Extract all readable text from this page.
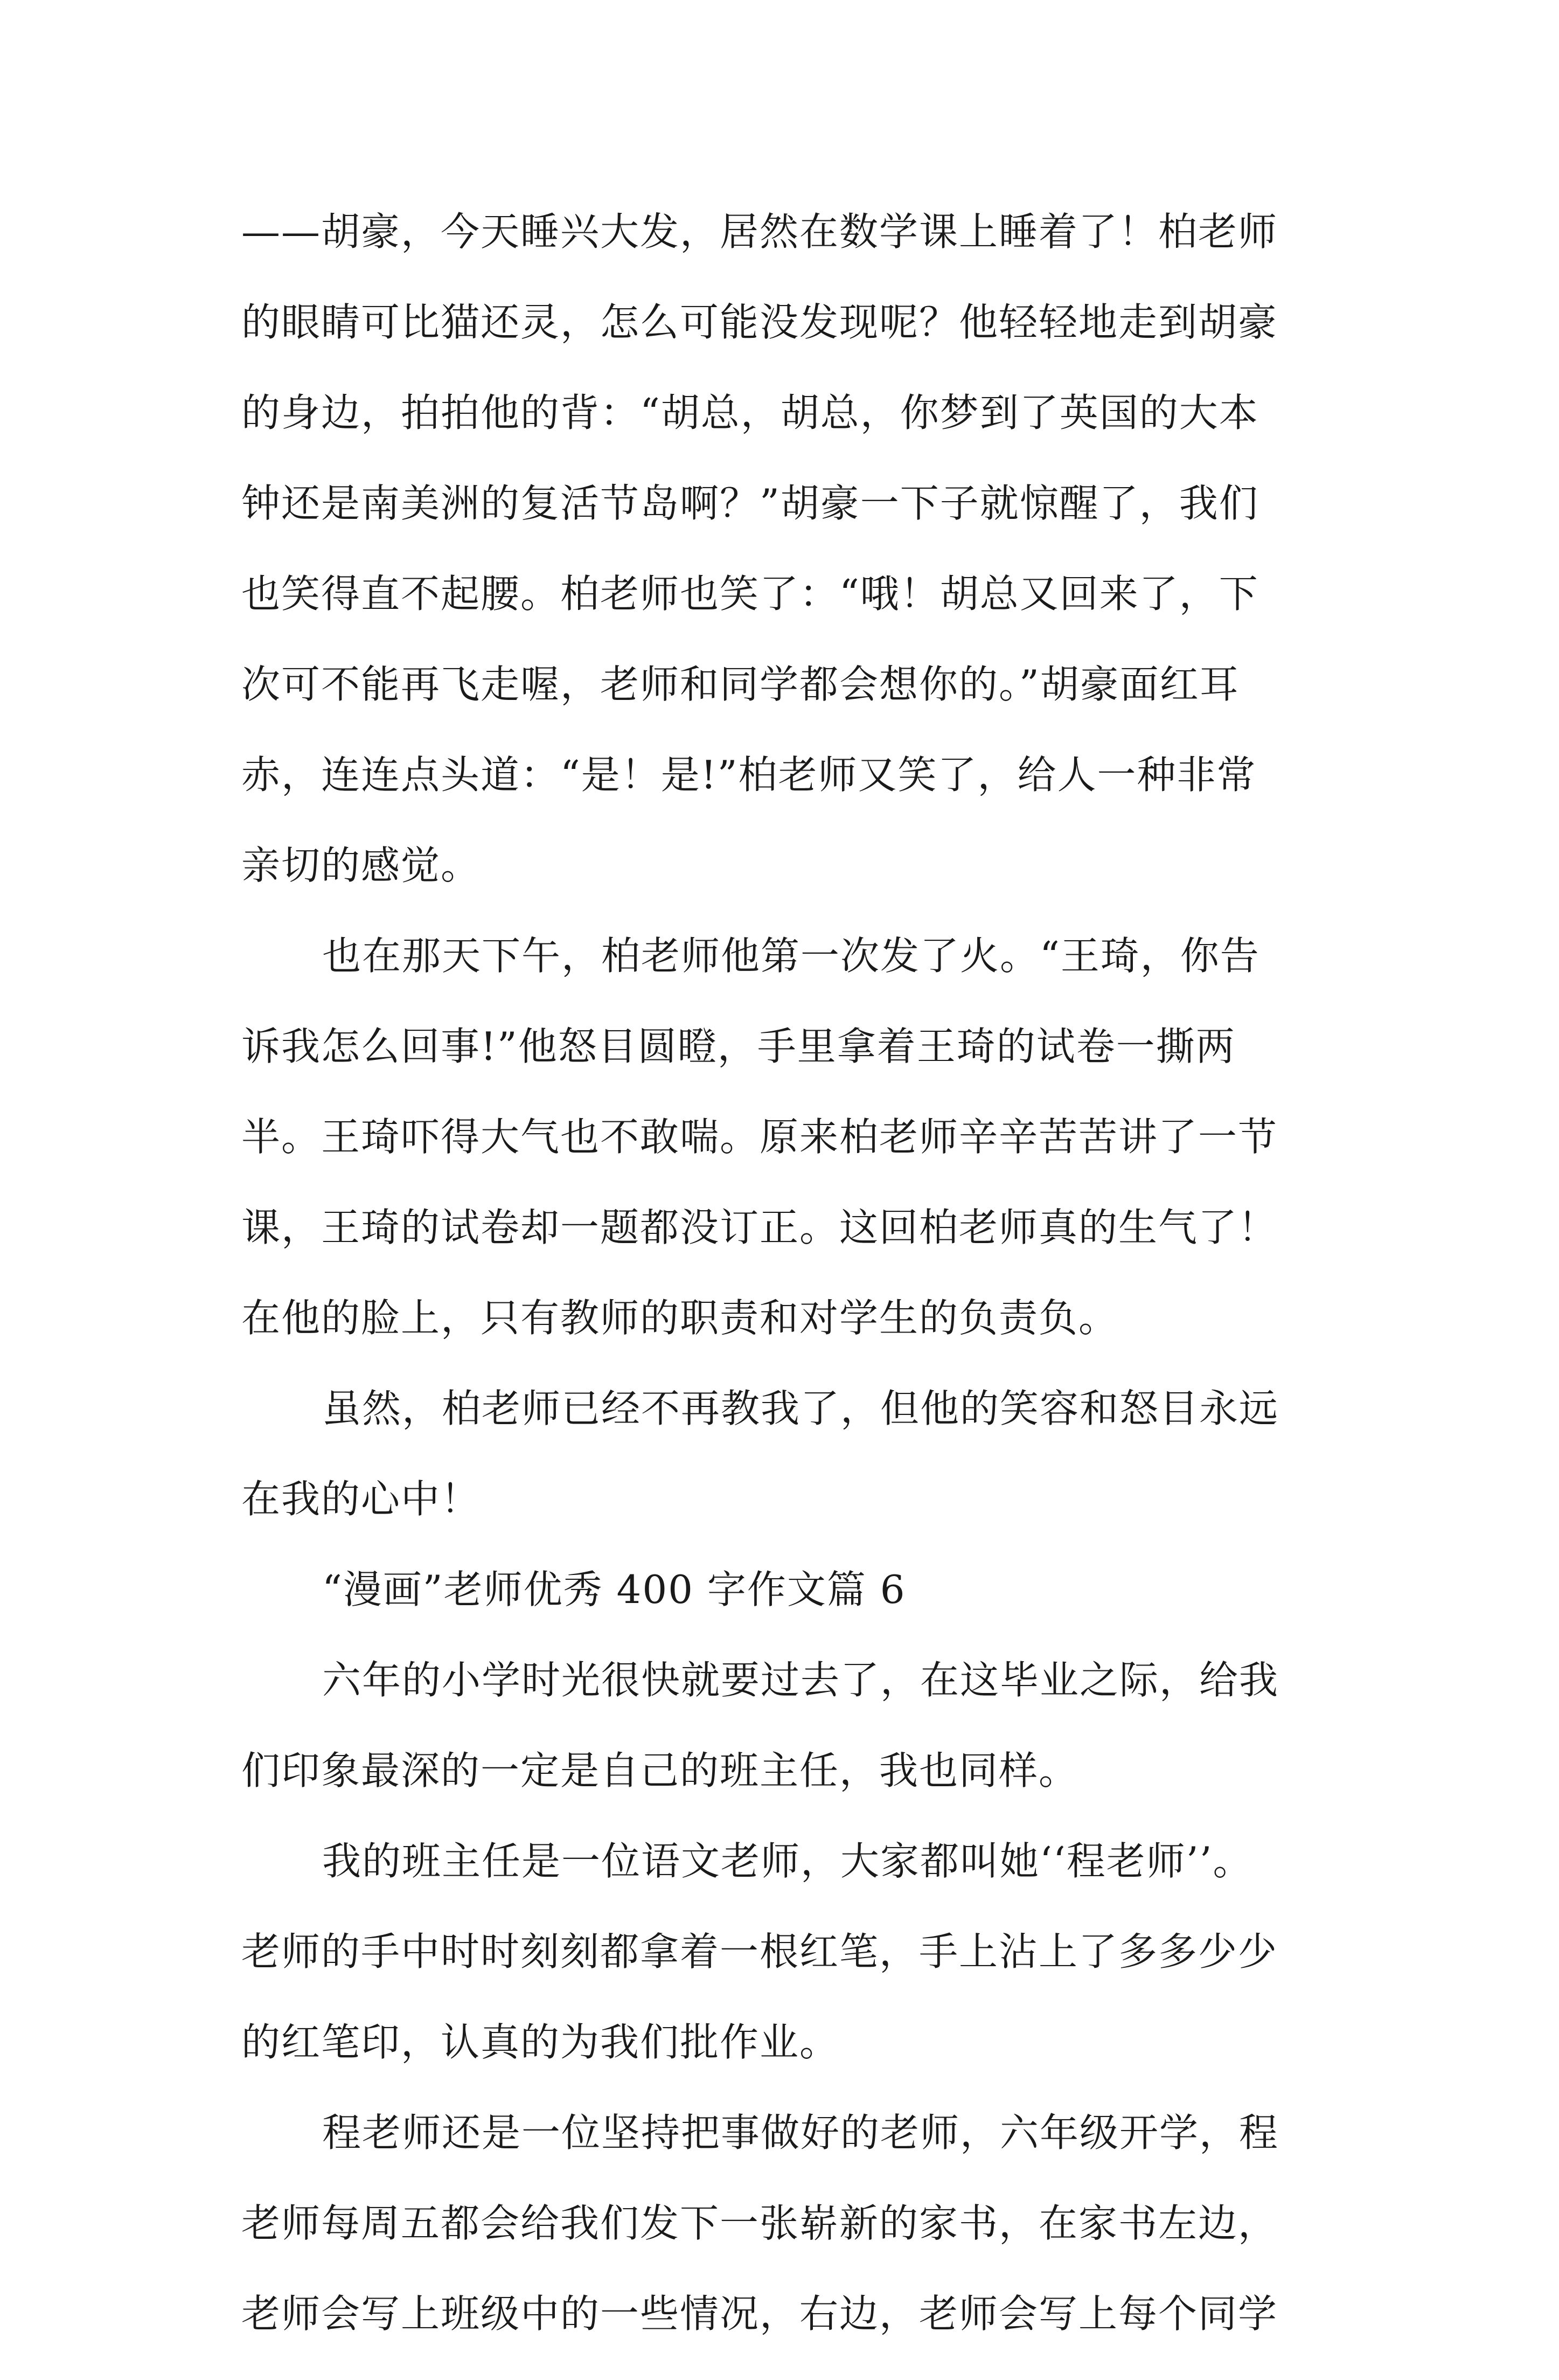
——胡豪，今天睡兴大发，居然在数学课上睡着了！柏老师
的眼睛可比猫还灵，怎么可能没发现呢？他轻轻地走到胡豪
的身边，拍拍他的背：“胡总，胡总，你梦到了英国的大本
钟还是南美洲的复活节岛啊？”胡豪一下子就惊醒了，我们
也笑得直不起腰。柏老师也笑了：“哦！胡总又回来了，下
次可不能再飞走喔，老师和同学都会想你的。”胡豪面红耳
赤，连连点头道：“是！是!”柏老师又笑了，给人一种非常
亲切的感觉。
也在那天下午，柏老师他第一次发了火。“王琦，你告
诉我怎么回事!”他怒目圆瞪，手里拿着王琦的试卷一撕两
半。王琦吓得大气也不敢喘。原来柏老师辛辛苦苦讲了一节
课，王琦的试卷却一题都没订正。这回柏老师真的生气了！
在他的脸上，只有教师的职责和对学生的负责负。
虽然，柏老师已经不再教我了，但他的笑容和怒目永远
在我的心中！
“漫画”老师优秀 400 字作文篇 6
六年的小学时光很快就要过去了，在这毕业之际，给我
们印象最深的一定是自己的班主任，我也同样。
我的班主任是一位语文老师，大家都叫她‘‘程老师’’。
老师的手中时时刻刻都拿着一根红笔，手上沾上了多多少少
的红笔印，认真的为我们批作业。
程老师还是一位坚持把事做好的老师，六年级开学，程
老师每周五都会给我们发下一张崭新的家书，在家书左边，
老师会写上班级中的一些情况，右边，老师会写上每个同学
